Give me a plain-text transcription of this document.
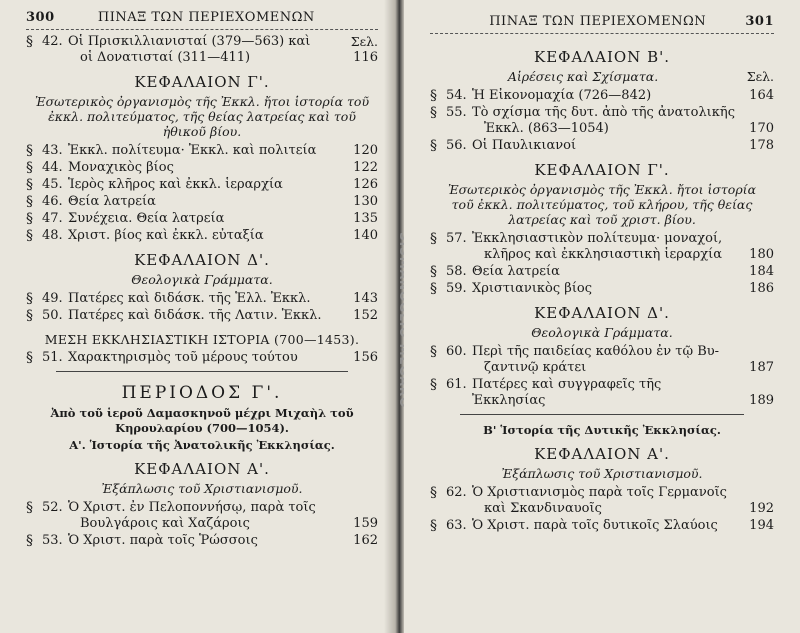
300	ΠΙΝΑΞ ΤΩΝ ΠΕΡΙΕΧΟΜΕΝΩΝ
Σελ.
§ 42. Οἱ Πρισκιλλιανισταί (379—563) καὶ
οἱ Δονατισταί (311—411)	116
ΚΕΦΑΛΑΙΟΝ Γ'.
Ἐσωτερικὸς ὀργανισμὸς τῆς Ἐκκλ. ἤτοι ἱστορία τοῦ ἐκκλ. πολιτεύματος, τῆς θείας λατρείας καὶ τοῦ ἠθικοῦ βίου.
§ 43. Ἐκκλ. πολίτευμα· Ἐκκλ. καὶ πολιτεία	120
§ 44. Μοναχικὸς βίος	122
§ 45. Ἱερὸς κλῆρος καὶ ἐκκλ. ἱεραρχία	126
§ 46. Θεία λατρεία	130
§ 47. Συνέχεια. Θεία λατρεία	135
§ 48. Χριστ. βίος καὶ ἐκκλ. εὐταξία	140
ΚΕΦΑΛΑΙΟΝ Δ'.
Θεολογικὰ Γράμματα.
§ 49. Πατέρες καὶ διδάσκ. τῆς Ἑλλ. Ἐκκλ.	143
§ 50. Πατέρες καὶ διδάσκ. τῆς Λατιν. Ἐκκλ.	152
ΜΕΣΗ ΕΚΚΛΗΣΙΑΣΤΙΚΗ ΙΣΤΟΡΙΑ (700—1453).
§ 51. Χαρακτηρισμὸς τοῦ μέρους τούτου	156
ΠΕΡΙΟΔΟΣ Γ'.
Ἀπὸ τοῦ ἱεροῦ Δαμασκηνοῦ μέχρι Μιχαὴλ τοῦ Κηρουλαρίου (700—1054).
Α'. Ἱστορία τῆς Ἀνατολικῆς Ἐκκλησίας.
ΚΕΦΑΛΑΙΟΝ Α'.
Ἐξάπλωσις τοῦ Χριστιανισμοῦ.
§ 52. Ὁ Χριστ. ἐν Πελοποννήσῳ, παρὰ τοῖς
Βουλγάροις καὶ Χαζάροις	159
§ 53. Ὁ Χριστ. παρὰ τοῖς Ῥώσσοις	162
ΠΙΝΑΞ ΤΩΝ ΠΕΡΙΕΧΟΜΕΝΩΝ	301
ΚΕΦΑΛΑΙΟΝ Β'.
Αἱρέσεις καὶ Σχίσματα.	Σελ.
§ 54. Ἡ Εἰκονομαχία (726—842)	164
§ 55. Τὸ σχίσμα τῆς δυτ. ἀπὸ τῆς ἀνατολικῆς
Ἐκκλ. (863—1054)	170
§ 56. Οἱ Παυλικιανοί	178
ΚΕΦΑΛΑΙΟΝ Γ'.
Ἐσωτερικὸς ὀργανισμὸς τῆς Ἐκκλ. ἤτοι ἱστορία τοῦ ἐκκλ. πολιτεύματος, τοῦ κλήρου, τῆς θείας λατρείας καὶ τοῦ χριστ. βίου.
§ 57. Ἐκκλησιαστικὸν πολίτευμα· μοναχοί,
κλῆρος καὶ ἐκκλησιαστικὴ ἱεραρχία	180
§ 58. Θεία λατρεία	184
§ 59. Χριστιανικὸς βίος	186
ΚΕΦΑΛΑΙΟΝ Δ'.
Θεολογικὰ Γράμματα.
§ 60. Περὶ τῆς παιδείας καθόλου ἐν τῷ Βυ-
ζαντινῷ κράτει	187
§ 61. Πατέρες καὶ συγγραφεῖς τῆς Ἐκκλησίας	189
Β' Ἱστορία τῆς Δυτικῆς Ἐκκλησίας.
ΚΕΦΑΛΑΙΟΝ Α'.
Ἐξάπλωσις τοῦ Χριστιανισμοῦ.
§ 62. Ὁ Χριστιανισμὸς παρὰ τοῖς Γερμανοῖς
καὶ Σκανδιναυοῖς	192
§ 63. Ὁ Χριστ. παρὰ τοῖς δυτικοῖς Σλαύοις	194
